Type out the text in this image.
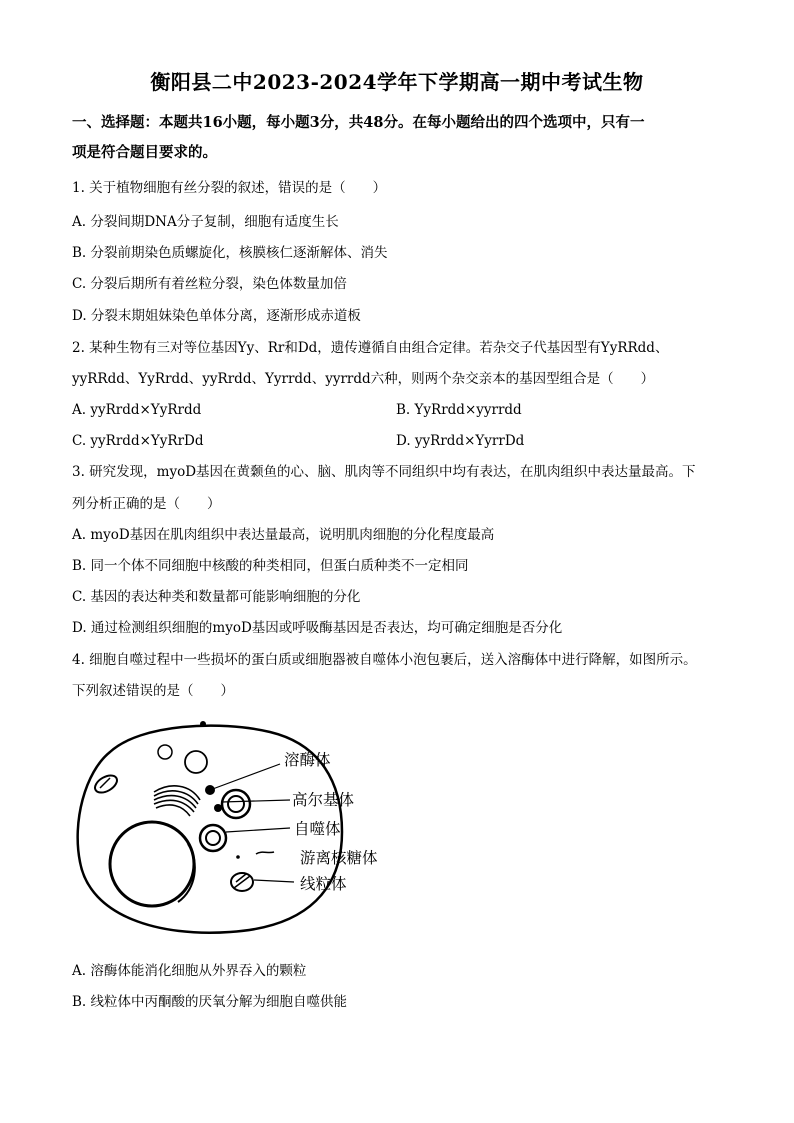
衡阳县二中2023-2024学年下学期高一期中考试生物
一、选择题：本题共16小题，每小题3分，共48分。在每小题给出的四个选项中，只有一
项是符合题目要求的。
1. 关于植物细胞有丝分裂的叙述，错误的是（　　）
A. 分裂间期DNA分子复制，细胞有适度生长
B. 分裂前期染色质螺旋化，核膜核仁逐渐解体、消失
C. 分裂后期所有着丝粒分裂，染色体数量加倍
D. 分裂末期姐妹染色单体分离，逐渐形成赤道板
2. 某种生物有三对等位基因Yy、Rr和Dd，遗传遵循自由组合定律。若杂交子代基因型有YyRRdd、
yyRRdd、YyRrdd、yyRrdd、Yyrrdd、yyrrdd六种，则两个杂交亲本的基因型组合是（　　）
A. yyRrdd×YyRrdd	B. YyRrdd×yyrrdd
C. yyRrdd×YyRrDd	D. yyRrdd×YyrrDd
3. 研究发现，myoD基因在黄颡鱼的心、脑、肌肉等不同组织中均有表达，在肌肉组织中表达量最高。下
列分析正确的是（　　）
A. myoD基因在肌肉组织中表达量最高，说明肌肉细胞的分化程度最高
B. 同一个体不同细胞中核酸的种类相同，但蛋白质种类不一定相同
C. 基因的表达种类和数量都可能影响细胞的分化
D. 通过检测组织细胞的myoD基因或呼吸酶基因是否表达，均可确定细胞是否分化
4. 细胞自噬过程中一些损坏的蛋白质或细胞器被自噬体小泡包裹后，送入溶酶体中进行降解，如图所示。
下列叙述错误的是（　　）
溶酶体
高尔基体
自噬体
游离核糖体
线粒体
A. 溶酶体能消化细胞从外界吞入的颗粒
B. 线粒体中丙酮酸的厌氧分解为细胞自噬供能
